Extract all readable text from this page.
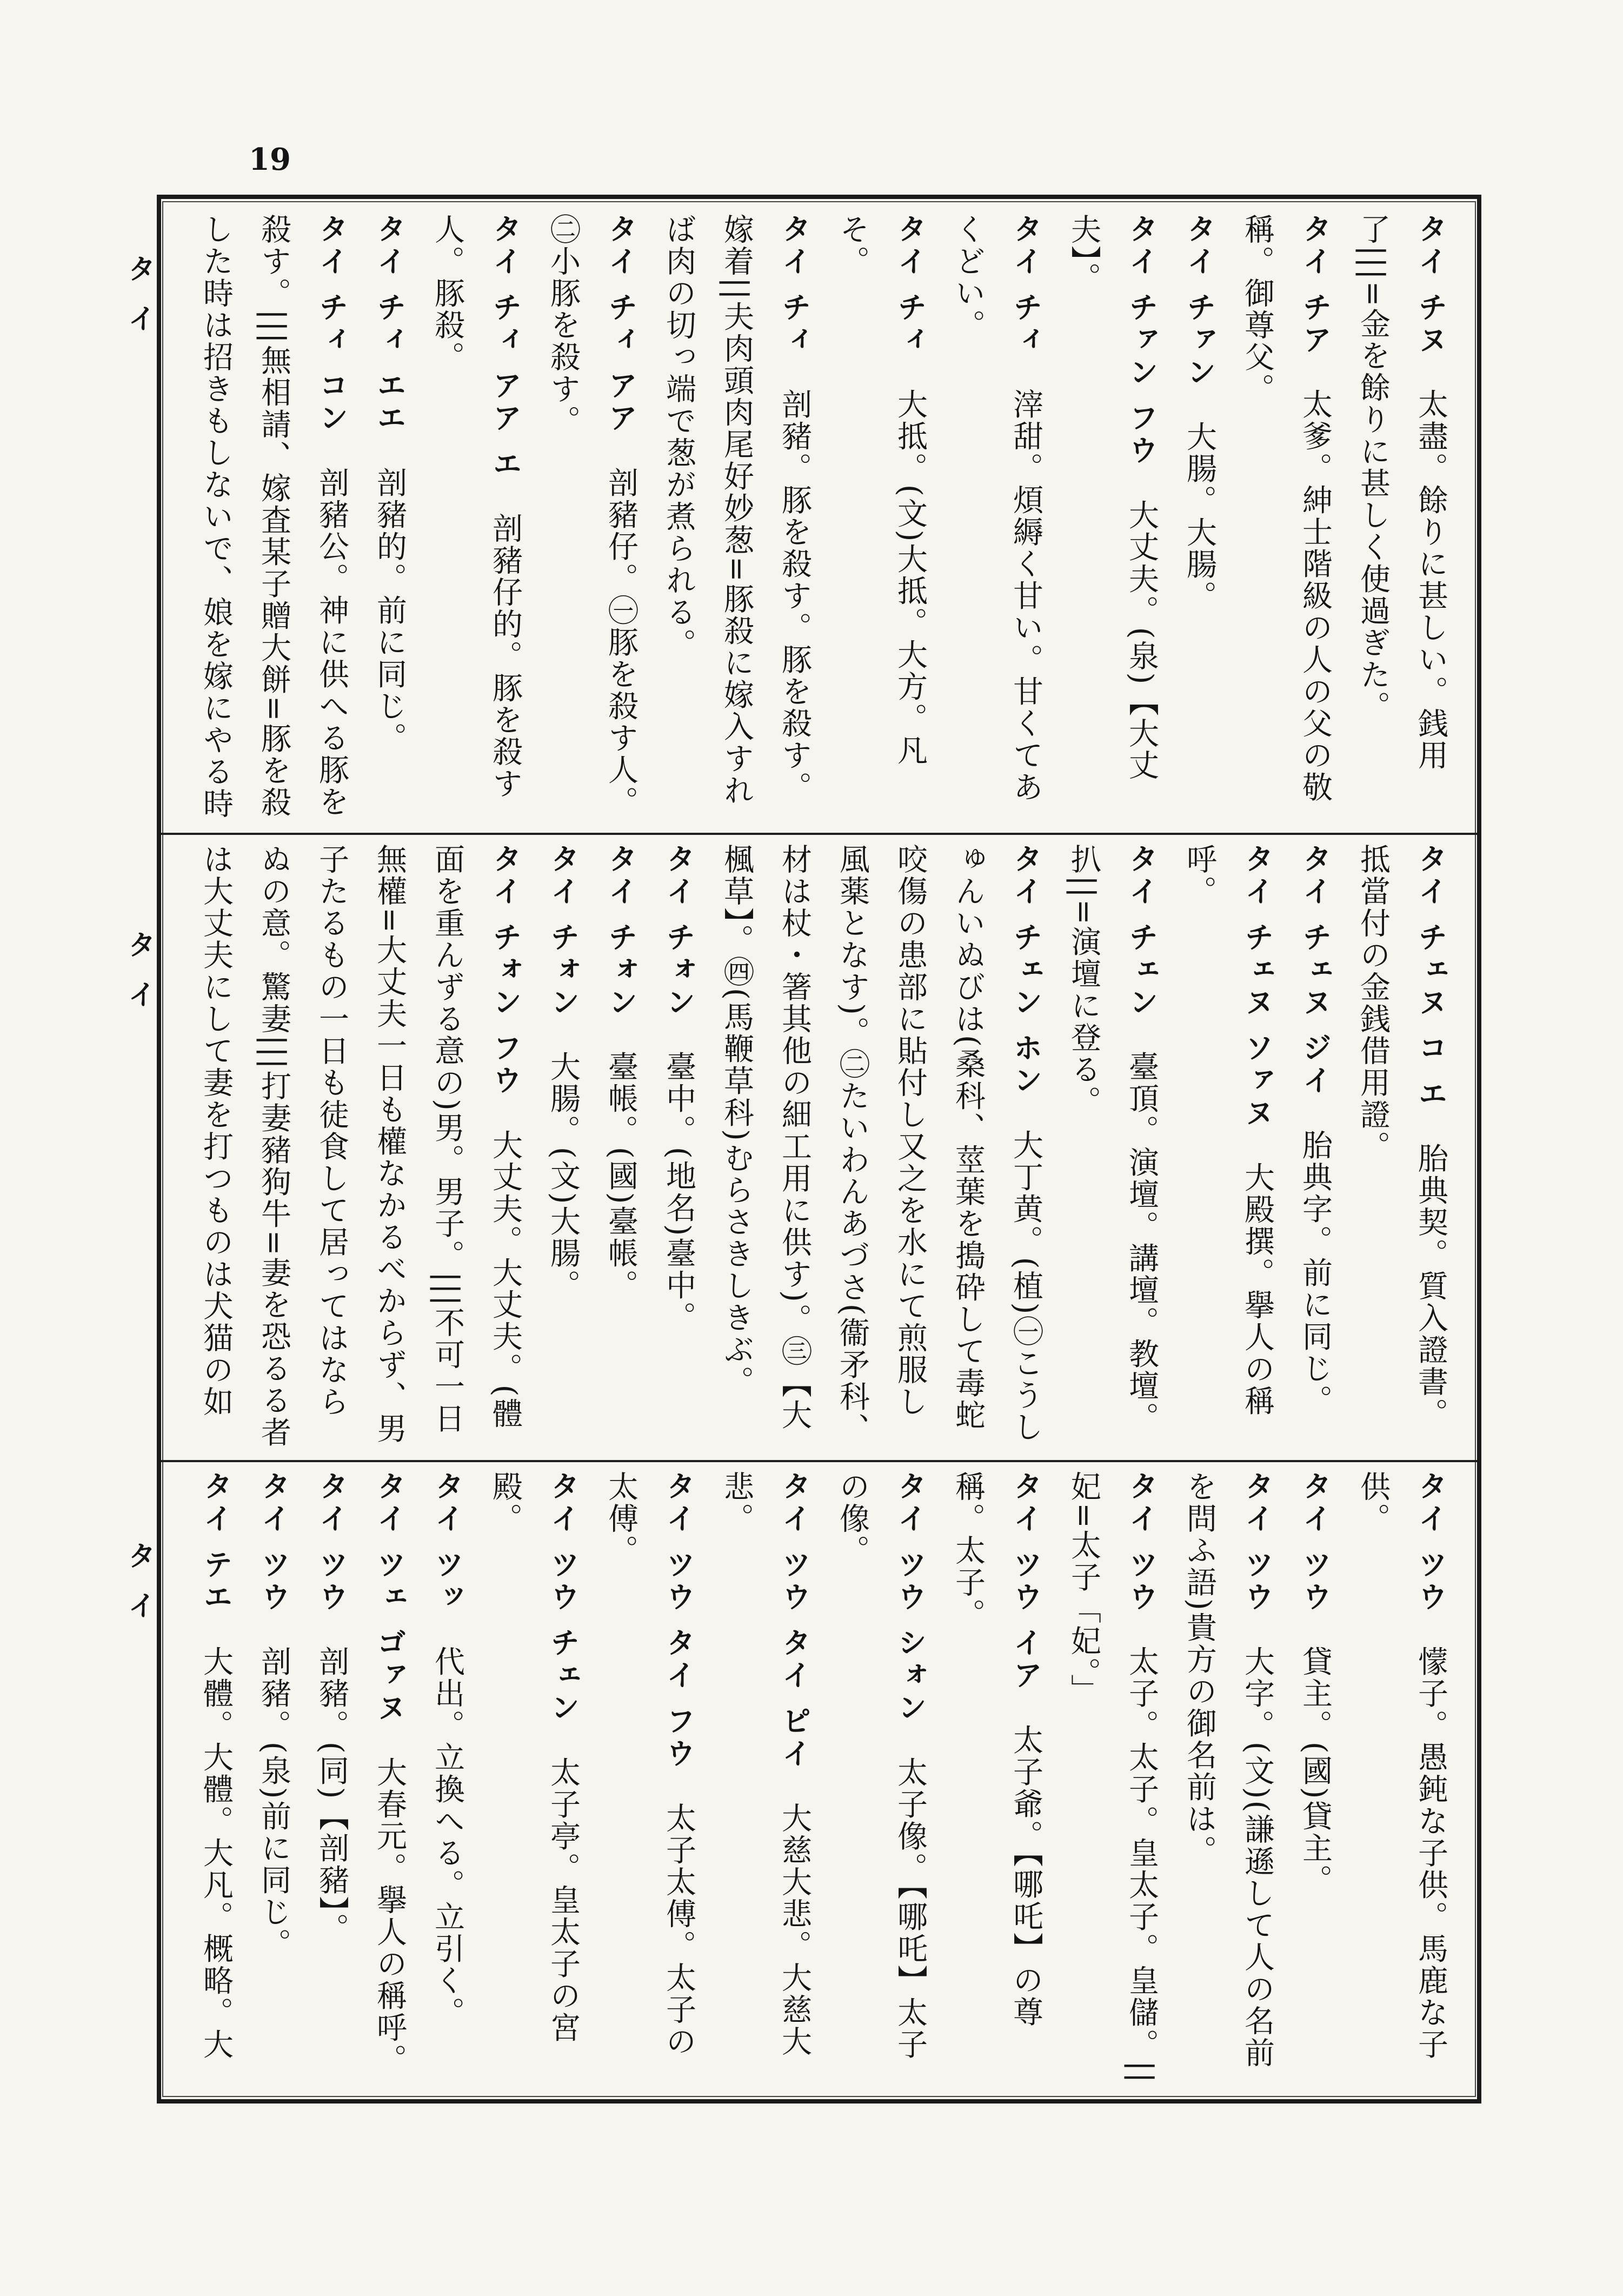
19
タイ
タイ
タイ
タイ チヌ　太盡。餘りに甚しい。銭用了|||=金を餘りに甚しく使過ぎた。
タイ チア　太爹。紳士階級の人の父の敬稱。御尊父。
タイ チァン　大腸。大腸。
タイ チァン フウ　大丈夫。(泉)【大丈夫】。
タイ チィ　滓甜。煩縟く甘い。甘くてあくどい。
タイ チィ　大抵。(文)大抵。大方。凡そ。
タイ チィ　剖豬。豚を殺す。豚を殺す。嫁着||夫肉頭肉尾好妙葱=豚殺に嫁入すれば肉の切っ端で葱が煮られる。
タイ チィ アア　剖豬仔。㊀豚を殺す人。㊁小豚を殺す。
タイ チィ アア エ　剖豬仔的。豚を殺す人。豚殺。
タイ チィ エエ　剖豬的。前に同じ。
タイ チィ コン　剖豬公。神に供へる豚を殺す。|||無相請、嫁査某子贈大餅=豚を殺した時は招きもしないで、娘を嫁にやる時

タイ チェヌ コ エ　胎典契。質入證書。抵當付の金銭借用證。
タイ チェヌ ジイ　胎典字。前に同じ。
タイ チェヌ ソァヌ　大殿撰。擧人の稱呼。
タイ チェン　臺頂。演壇。講壇。教壇。扒||=演壇に登る。
タイ チェン ホン　大丁黄。(植)㊀こうしゅんいぬびは(桑科、莖葉を搗砕して毒蛇咬傷の患部に貼付し又之を水にて煎服し風薬となす)。㊁たいわんあづさ(衞矛科、材は杖・箸其他の細工用に供す)。㊂【大楓草】。㊃(馬鞭草科)むらさきしきぶ。
タイ チォン　臺中。(地名)臺中。
タイ チォン　臺帳。(國)臺帳。
タイ チォン　大腸。(文)大腸。
タイ チォン フウ　大丈夫。大丈夫。(體面を重んずる意の)男。男子。|||不可一日無權=大丈夫一日も權なかるべからず、男子たるもの一日も徒食して居ってはならぬの意。驚妻|||打妻豬狗牛=妻を恐るる者は大丈夫にして妻を打つものは犬猫の如

タイ ツウ　懞子。愚鈍な子供。馬鹿な子供。
タイ ツウ　貸主。(國)貸主。
タイ ツウ　大字。(文)(謙遜して人の名前を問ふ語)貴方の御名前は。
タイ ツウ　太子。太子。皇太子。皇儲。||妃=太子「妃。」
タイ ツウ イア　太子爺。【哪吒】の尊稱。太子。
タイ ツウ シォン　太子像。【哪吒】太子の像。
タイ ツウ タイ ピイ　大慈大悲。大慈大悲。
タイ ツウ タイ フウ　太子太傅。太子の太傅。
タイ ツウ チェン　太子亭。皇太子の宮殿。
タイ ツッ　代出。立換へる。立引く。
タイ ツェ ゴァヌ　大春元。擧人の稱呼。
タイ ツウ　剖豬。(同)【剖豬】。
タイ ツウ　剖豬。(泉)前に同じ。
タイ テエ　大體。大體。大凡。概略。大
